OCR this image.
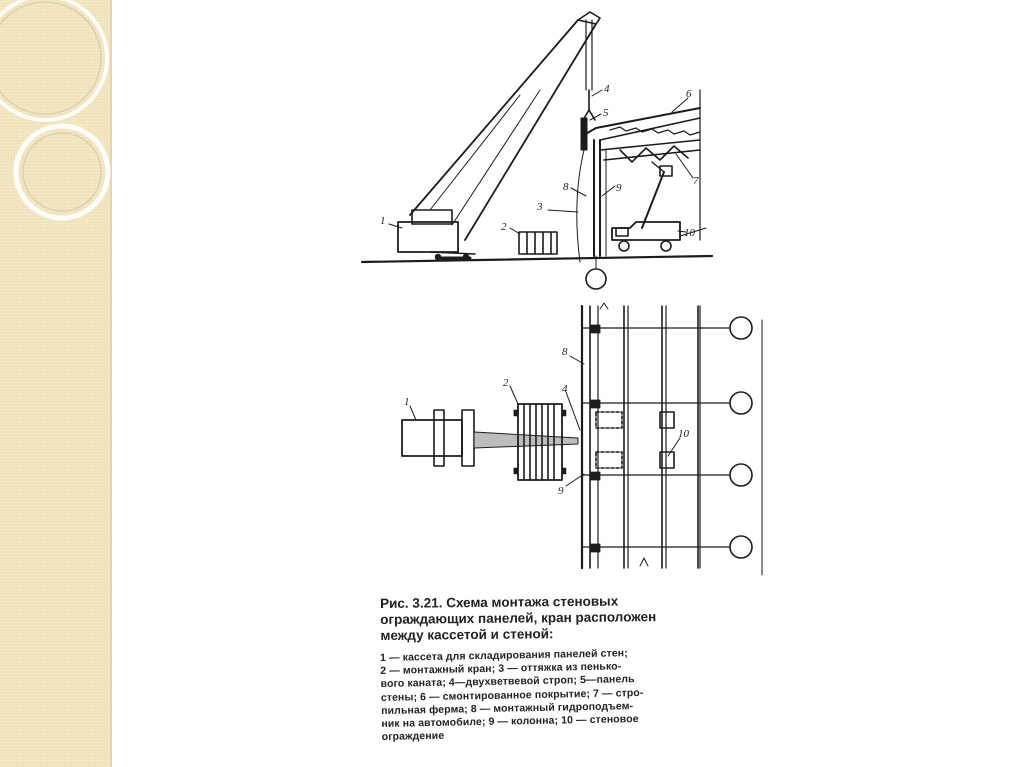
1	2
3
4
5
6
7
8	9
10
1
2	4
8
10
9
Рис. 3.21. Схема монтажа стеновых
ограждающих панелей, кран расположен
между кассетой и стеной:
1 — кассета для складирования панелей стен;
2 — монтажный кран; 3 — оттяжка из пенько-
вого каната; 4—двухветвевой строп; 5—панель
стены; 6 — смонтированное покрытие; 7 — стро-
пильная ферма; 8 — монтажный гидроподъем-
ник на автомобиле; 9 — колонна; 10 — стеновое
ограждение
